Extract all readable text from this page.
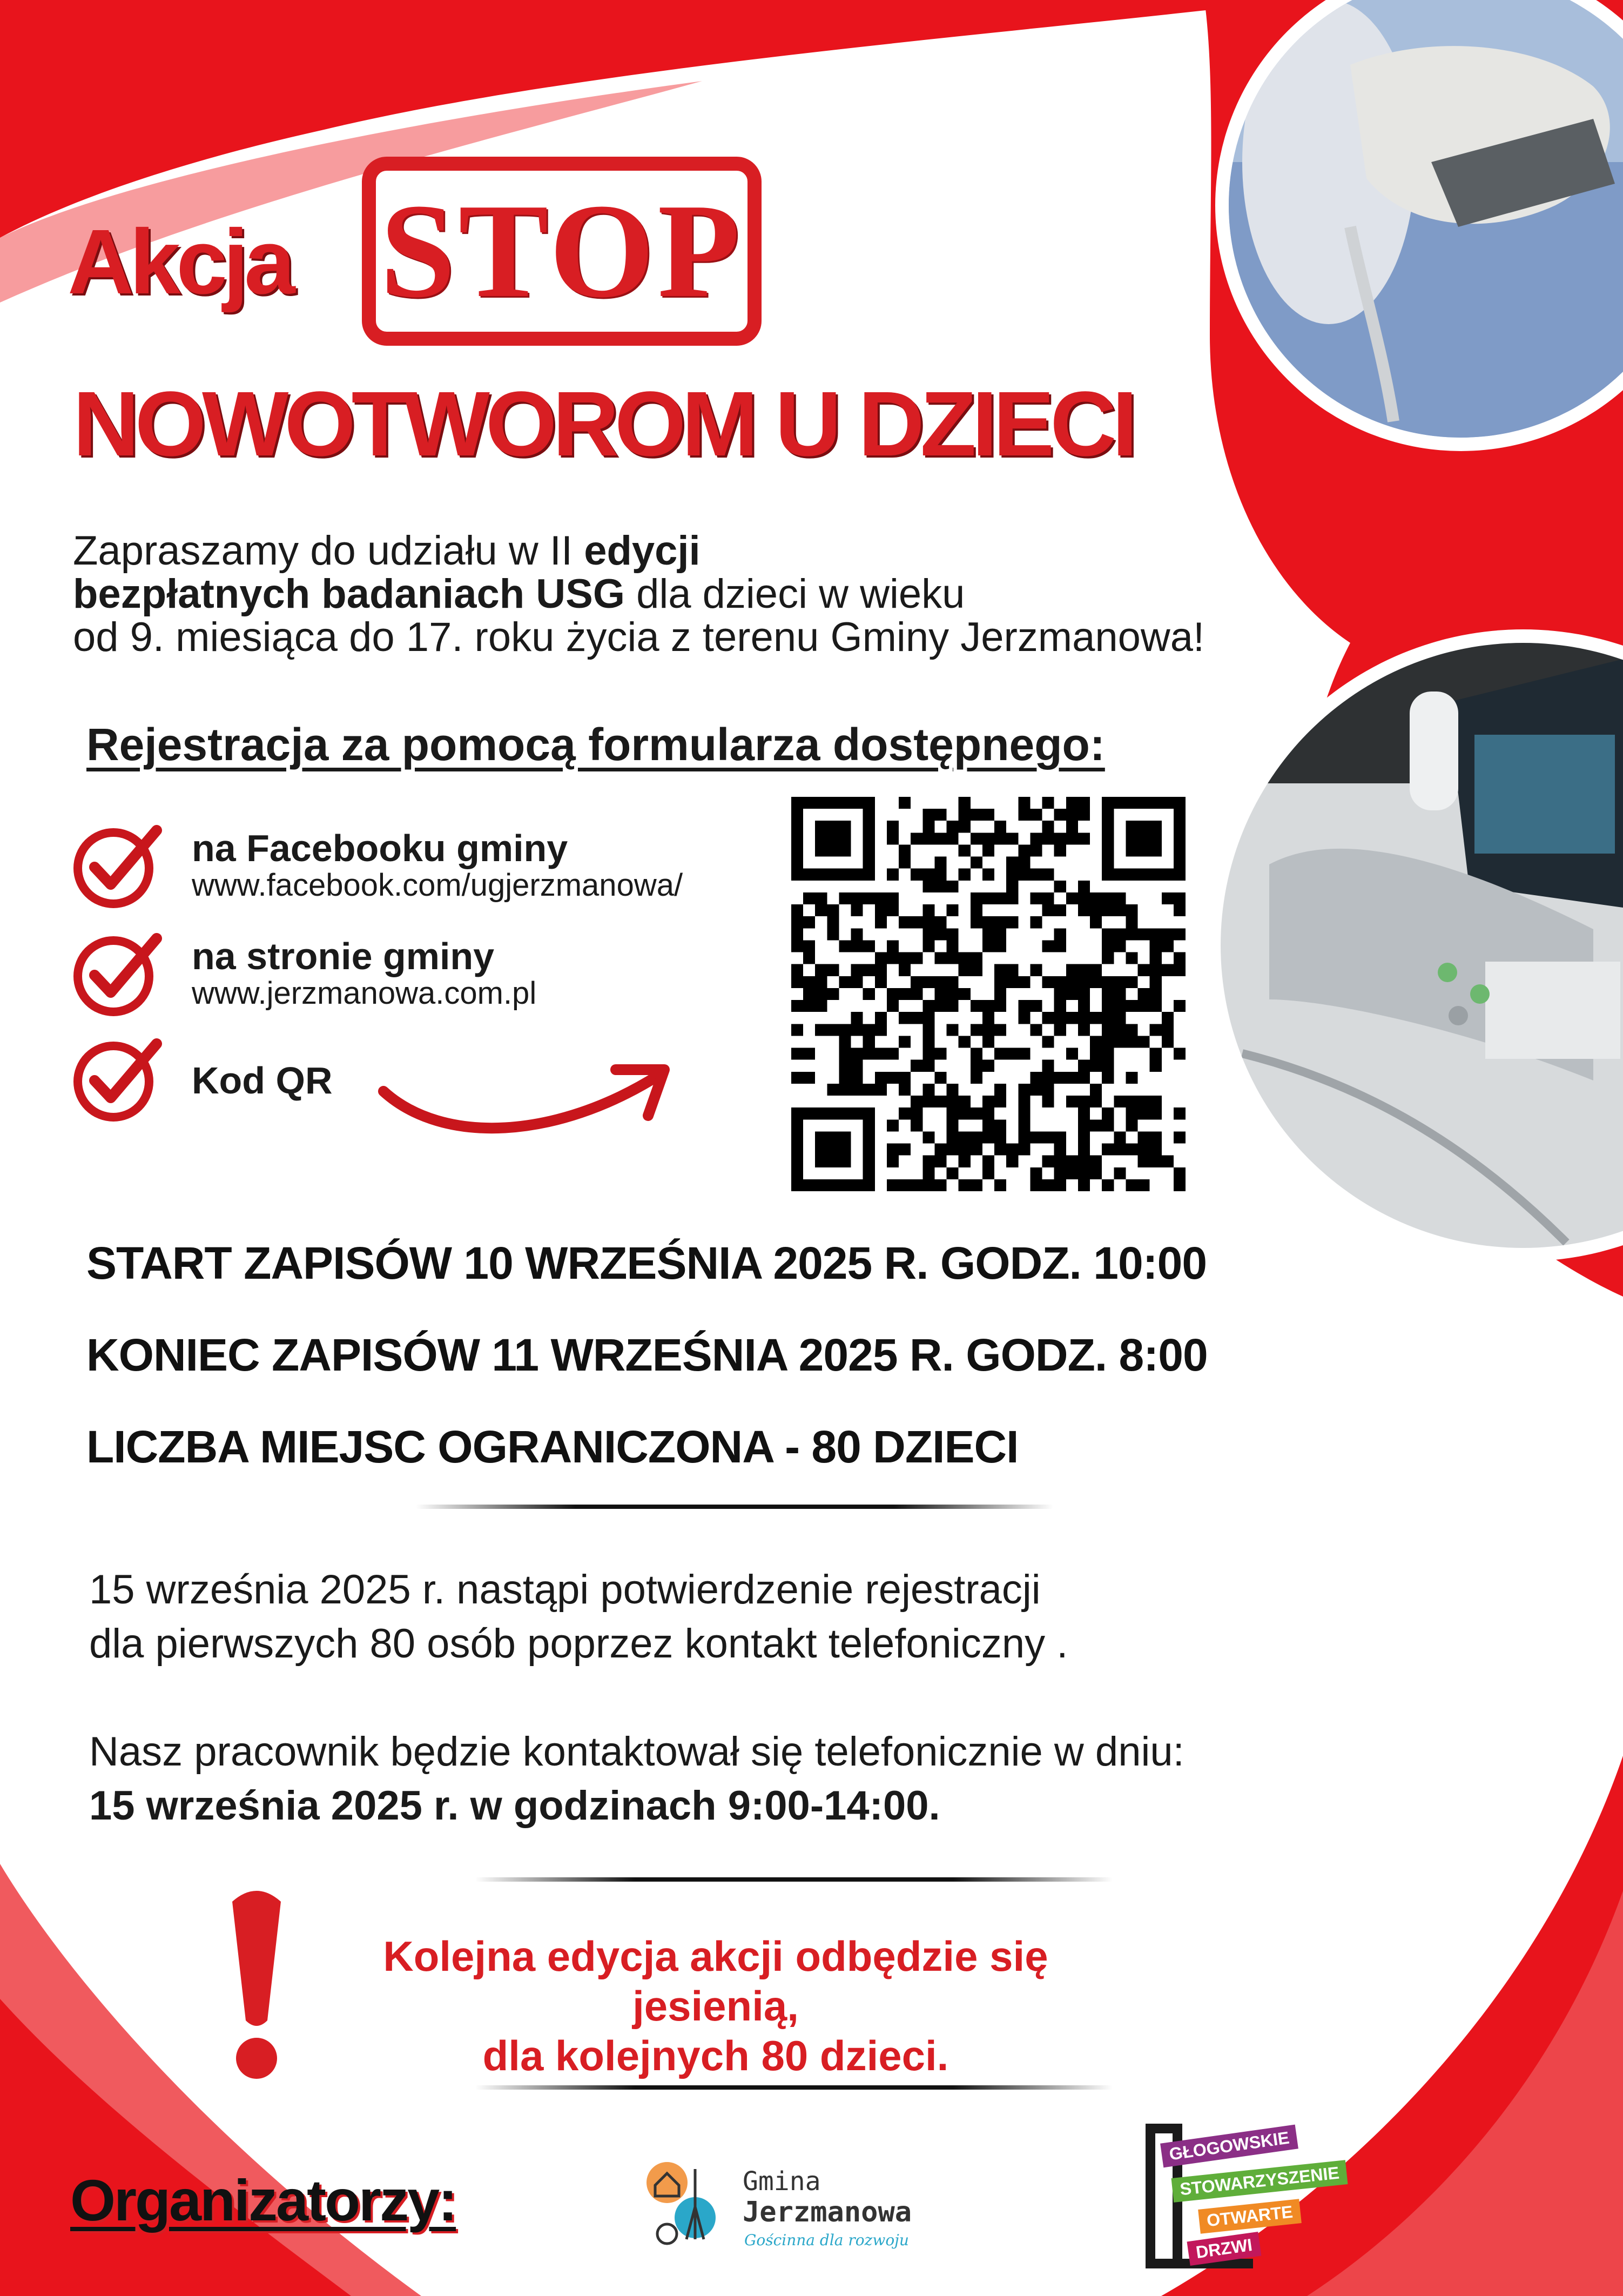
Akcja STOP
NOWOTWOROM U DZIECI
Zapraszamy do udziału w II edycji
bezpłatnych badaniach USG dla dzieci w wieku
od 9. miesiąca do 17. roku życia z terenu Gminy Jerzmanowa!
Rejestracja za pomocą formularza dostępnego:
na Facebooku gminy
www.facebook.com/ugjerzmanowa/
na stronie gminy
www.jerzmanowa.com.pl
Kod QR
START ZAPISÓW 10 WRZEŚNIA 2025 R. GODZ. 10:00
KONIEC ZAPISÓW 11 WRZEŚNIA 2025 R. GODZ. 8:00
LICZBA MIEJSC OGRANICZONA - 80 DZIECI
15 września 2025 r. nastąpi potwierdzenie rejestracji
dla pierwszych 80 osób poprzez kontakt telefoniczny .
Nasz pracownik będzie kontaktował się telefonicznie w dniu:
15 września 2025 r. w godzinach 9:00-14:00.
Kolejna edycja akcji odbędzie się jesienią,
dla kolejnych 80 dzieci.
Organizatorzy:	Gmina
Jerzmanowa
Gościnna dla rozwoju
GŁOGOWSKIE
STOWARZYSZENIE
OTWARTE
DRZWI
